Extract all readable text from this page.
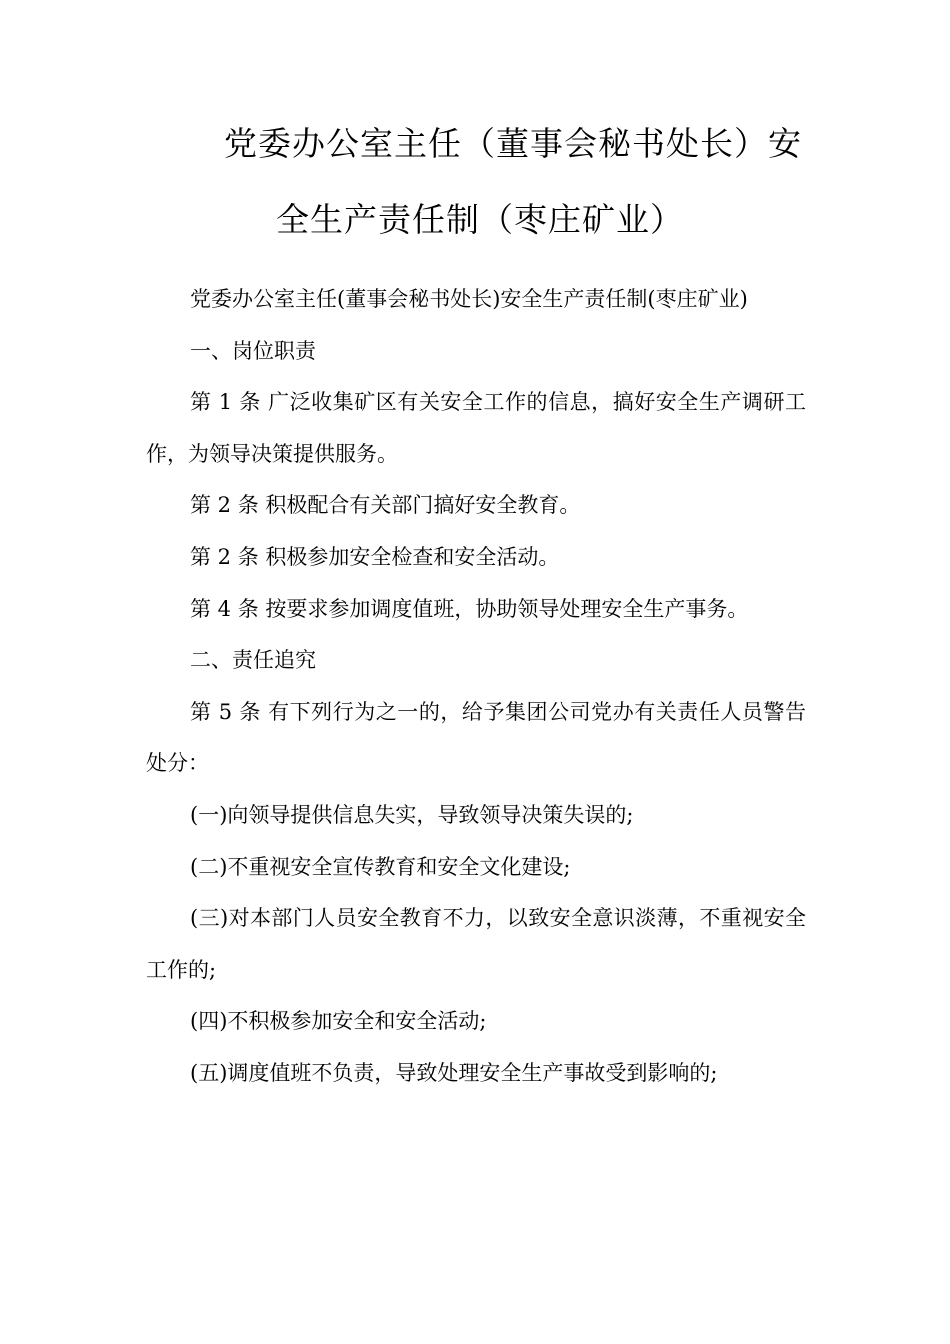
党委办公室主任（董事会秘书处长）安
全生产责任制（枣庄矿业）

党委办公室主任(董事会秘书处长)安全生产责任制(枣庄矿业)

一、岗位职责

第 1 条 广泛收集矿区有关安全工作的信息，搞好安全生产调研工作，为领导决策提供服务。

第 2 条 积极配合有关部门搞好安全教育。

第 2 条 积极参加安全检查和安全活动。

第 4 条 按要求参加调度值班，协助领导处理安全生产事务。

二、责任追究

第 5 条 有下列行为之一的，给予集团公司党办有关责任人员警告处分：

(一)向领导提供信息失实，导致领导决策失误的;

(二)不重视安全宣传教育和安全文化建设;

(三)对本部门人员安全教育不力，以致安全意识淡薄，不重视安全工作的;

(四)不积极参加安全和安全活动;

(五)调度值班不负责，导致处理安全生产事故受到影响的;
